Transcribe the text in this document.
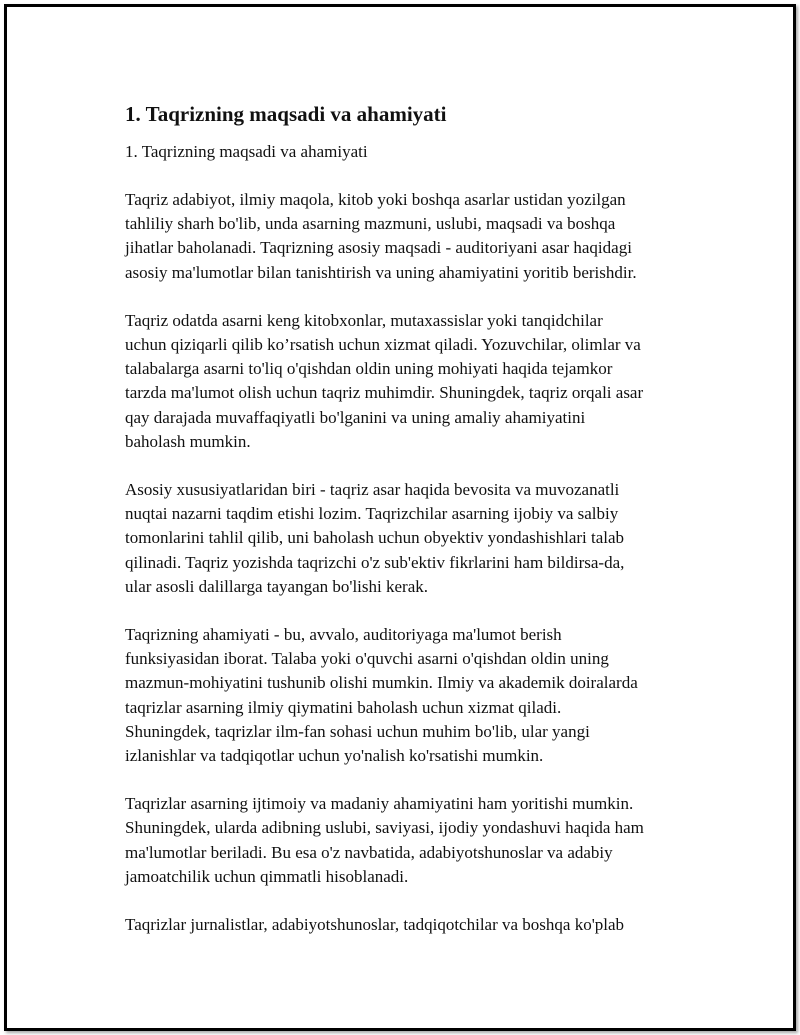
1. Taqrizning maqsadi va ahamiyati
1. Taqrizning maqsadi va ahamiyati
Taqriz adabiyot, ilmiy maqola, kitob yoki boshqa asarlar ustidan yozilgan
tahliliy sharh bo'lib, unda asarning mazmuni, uslubi, maqsadi va boshqa
jihatlar baholanadi. Taqrizning asosiy maqsadi - auditoriyani asar haqidagi
asosiy ma'lumotlar bilan tanishtirish va uning ahamiyatini yoritib berishdir.
Taqriz odatda asarni keng kitobxonlar, mutaxassislar yoki tanqidchilar
uchun qiziqarli qilib ko’rsatish uchun xizmat qiladi. Yozuvchilar, olimlar va
talabalarga asarni to'liq o'qishdan oldin uning mohiyati haqida tejamkor
tarzda ma'lumot olish uchun taqriz muhimdir. Shuningdek, taqriz orqali asar
qay darajada muvaffaqiyatli bo'lganini va uning amaliy ahamiyatini
baholash mumkin.
Asosiy xususiyatlaridan biri - taqriz asar haqida bevosita va muvozanatli
nuqtai nazarni taqdim etishi lozim. Taqrizchilar asarning ijobiy va salbiy
tomonlarini tahlil qilib, uni baholash uchun obyektiv yondashishlari talab
qilinadi. Taqriz yozishda taqrizchi o'z sub'ektiv fikrlarini ham bildirsa-da,
ular asosli dalillarga tayangan bo'lishi kerak.
Taqrizning ahamiyati - bu, avvalo, auditoriyaga ma'lumot berish
funksiyasidan iborat. Talaba yoki o'quvchi asarni o'qishdan oldin uning
mazmun-mohiyatini tushunib olishi mumkin. Ilmiy va akademik doiralarda
taqrizlar asarning ilmiy qiymatini baholash uchun xizmat qiladi.
Shuningdek, taqrizlar ilm-fan sohasi uchun muhim bo'lib, ular yangi
izlanishlar va tadqiqotlar uchun yo'nalish ko'rsatishi mumkin.
Taqrizlar asarning ijtimoiy va madaniy ahamiyatini ham yoritishi mumkin.
Shuningdek, ularda adibning uslubi, saviyasi, ijodiy yondashuvi haqida ham
ma'lumotlar beriladi. Bu esa o'z navbatida, adabiyotshunoslar va adabiy
jamoatchilik uchun qimmatli hisoblanadi.
Taqrizlar jurnalistlar, adabiyotshunoslar, tadqiqotchilar va boshqa ko'plab
